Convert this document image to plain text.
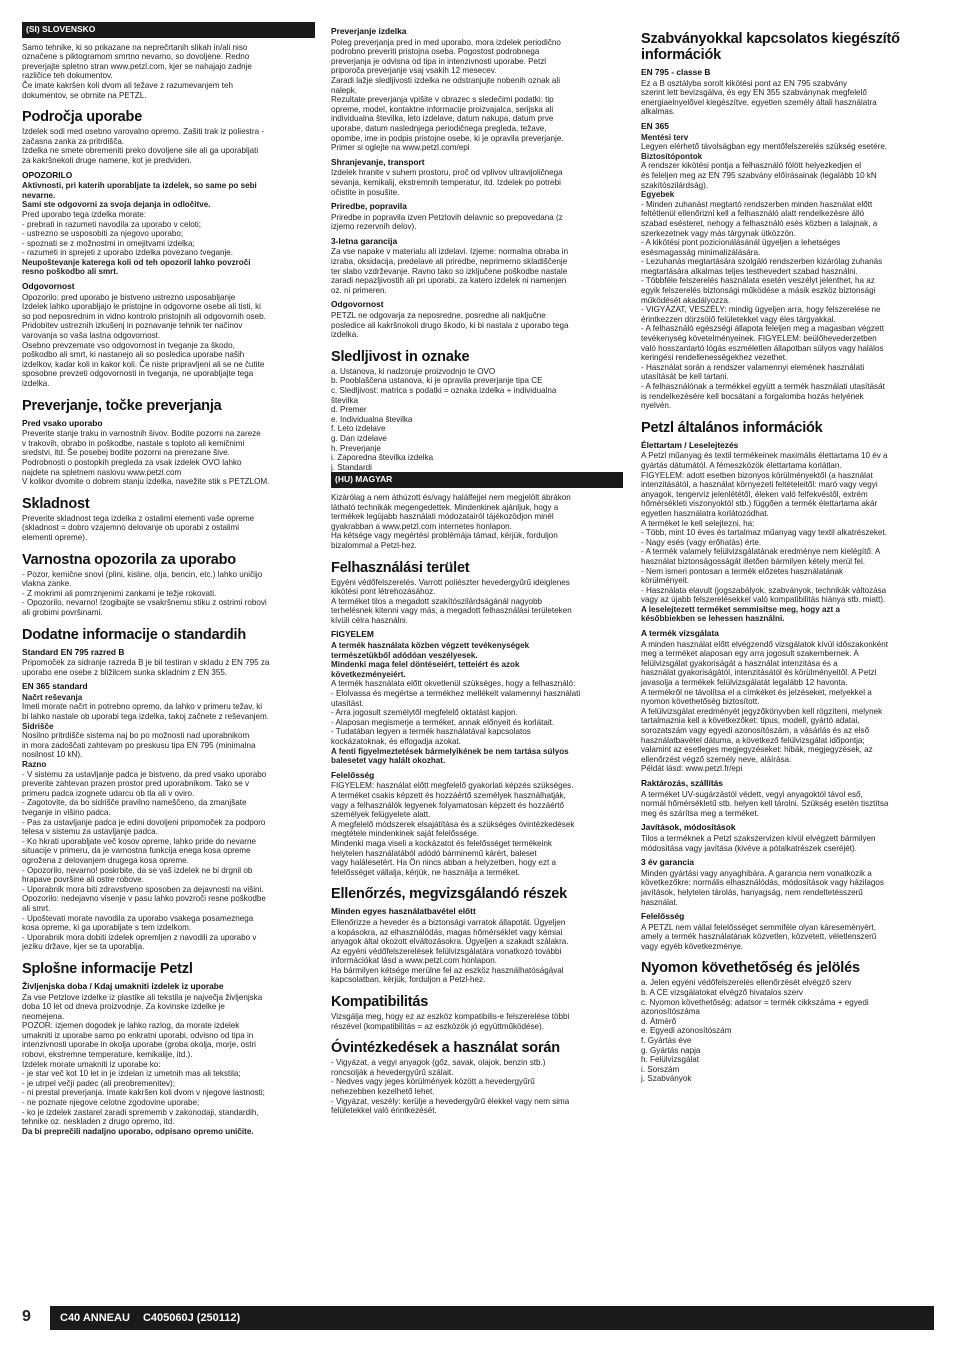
(SI) SLOVENSKO
Samo tehnike, ki so prikazane na neprečrtanih slikah in/ali niso
označene s piktogramom smrtno nevarno, so dovoljene. Redno
preverjajte spletno stran www.petzl.com, kjer se nahajajo zadnje
različice teh dokumentov.
Če imate kakršen koli dvom ali težave z razumevanjem teh
dokumentov, se obrnite na PETZL.
Področja uporabe
Izdelek sodi med osebno varovalno opremo. Zašiti trak iz poliestra -
začasna zanka za pritrdišča.
Izdelka ne smete obremeniti preko dovoljene sile ali ga uporabljati
za kakršnekoli druge namene, kot je predviden.
OPOZORILO
Aktivnosti, pri katerih uporabljate ta izdelek, so same po sebi
nevarne.
Sami ste odgovorni za svoja dejanja in odločitve.
Pred uporabo tega izdelka morate:
- prebrati in razumeti navodila za uporabo v celoti;
- ustrezno se usposobiti za njegovo uporabo;
- spoznati se z možnostmi in omejitvami izdelka;
- razumeti in sprejeti z uporabo izdelka povezano tveganje.
Neupoštevanje katerega koli od teh opozoril lahko povzroči
resno poškodbo ali smrt.
Odgovornost
Opozorilo: pred uporabo je bistveno ustrezno usposabljanje
Izdelek lahko uporabljajo le pristojne in odgovorne osebe ali tisti, ki
so pod neposrednim in vidno kontrolo pristojnih ali odgovornih oseb.
Pridobitev ustreznih izkušenj in poznavanje tehnik ter načinov
varovanja so vaša lastna odgovornost.
Osebno prevzemate vso odgovornost in tveganje za škodo,
poškodbo ali smrt, ki nastanejo ali so posledica uporabe naših
izdelkov, kadar koli in kakor koli. Če niste pripravljeni ali se ne čutite
sposobne prevzeti odgovornosti in tveganja, ne uporabljajte tega
izdelka.
Preverjanje, točke preverjanja
Pred vsako uporabo
Preverite stanje traku in varnostnih šivov. Bodite pozorni na zareze
v trakovih, obrabo in poškodbe, nastale s toploto ali kemičnimi
sredstvi, itd. Še posebej bodite pozorni na prerezane šive.
Podrobnosti o postopkih pregleda za vsak izdelek OVO lahko
najdete na spletnem naslovu www.petzl.com
V kolikor dvomite o dobrem stanju izdelka, navežite stik s PETZLOM.
Skladnost
Preverite skladnost tega izdelka z ostalimi elementi vaše opreme
(skladnost = dobro vzajemno delovanje ob uporabi z ostalimi
elementi opreme).
Varnostna opozorila za uporabo
- Pozor, kemične snovi (plini, kisline, olja, bencin, etc.) lahko uničijo
vlakna zanke.
- Z mokrimi ali pomrznjenimi zankami je težje rokovati.
- Opozorilo, nevarno! Izogibajte se vsakršnemu stiku z ostrimi robovi
ali grobimi površinami.
Dodatne informacije o standardih
Standard EN 795 razred B
Pripomoček za sidranje razreda B je bil testiran v skladu z EN 795 za
uporabo ene osebe z bližilcem sunka skladnim z EN 355.
EN 365 standard
Načrt reševanja
Imeti morate načrt in potrebno opremo, da lahko v primeru težav, ki
bi lahko nastale ob uporabi tega izdelka, takoj začnete z reševanjem.
Sidrišče
Nosilno pritrdišče sistema naj bo po možnosti nad uporabnikom
in mora zadoščati zahtevam po preskusu tipa EN 795 (minimalna
nosilnost 10 kN).
Razno
- V sistemu za ustavljanje padca je bistveno, da pred vsako uporabo
preverite zahtevan prazen prostor pred uporabnikom. Tako se v
primeru padca izognete udarcu ob tla ali v oviro.
- Zagotovite, da bo sidrišče pravilno nameščeno, da zmanjšate
tveganje in višino padca.
- Pas za ustavljanje padca je edini dovoljeni pripomoček za podporo
telesa v sistemu za ustavljanje padca.
- Ko hkrati uporabljate več kosov opreme, lahko pride do nevarne
situacije v primeru, da je varnostna funkcija enega kosa opreme
ogrožena z delovanjem drugega kosa opreme.
- Opozorilo, nevarno! poskrbite, da se vaš izdelek ne bi drgnil ob
hrapave površine ali ostre robove.
- Uporabnik mora biti zdravstveno sposoben za dejavnosti na višini.
Opozorilo: nedejavno visenje v pasu lahko povzroči resne poškodbe
ali smrt.
- Upoštevati morate navodila za uporabo vsakega posameznega
kosa opreme, ki ga uporabljate s tem izdelkom.
- Uporabnik mora dobiti izdelek opremljen z navodili za uporabo v
jeziku države, kjer se ta uporablja.
Splošne informacije Petzl
Življenjska doba / Kdaj umakniti izdelek iz uporabe
Za vse Petzlove izdelke iz plastike ali tekstila je največja življenjska
doba 10 let od dneva proizvodnje. Za kovinske izdelke je
neomejena.
POZOR: izjemen dogodek je lahko razlog, da morate izdelek
umakniti iz uporabe samo po enkratni uporabi, odvisno od tipa in
intenzivnosti uporabe in okolja uporabe (groba okolja, morje, ostri
robovi, ekstremne temperature, kemikalije, itd.).
Izdelek morate umakniti iz uporabe ko:
- je star več kot 10 let in je izdelan iz umetnih mas ali tekstila;
- je utrpel večji padec (ali preobremenitev);
- ni prestal preverjanja. Imate kakršen koli dvom v njegove lastnosti;
- ne poznate njegove celotne zgodovine uporabe;
- ko je izdelek zastarel zaradi sprememb v zakonodaji, standardih,
tehnike oz. neskladen z drugo opremo, itd.
Da bi preprečili nadaljno uporabo, odpisano opremo uničite.
Preverjanje izdelka
Poleg preverjanja pred in med uporabo, mora izdelek periodično
podrobno preveriti pristojna oseba. Pogostost podrobnega
preverjanja je odvisna od tipa in intenzivnosti uporabe. Petzl
priporoča preverjanje vsaj vsakih 12 mesecev.
Zaradi lažje sledljivosti izdelka ne odstranjujte nobenih oznak ali
nalepk.
Rezultate preverjanja vpišite v obrazec s sledečimi podatki: tip
opreme, model, kontaktne informacije proizvajalca, serijska ali
individualna številka, leto izdelave, datum nakupa, datum prve
uporabe, datum naslednjega periodičnega pregleda, težave,
opombe, ime in podpis pristojne osebe, ki je opravila preverjanje.
Primer si oglejte na www.petzl.com/epi
Shranjevanje, transport
Izdelek hranite v suhem prostoru, proč od vplivov ultravijoličnega
sevanja, kemikalij, ekstremnih temperatur, itd. Izdelek po potrebi
očistite in posušite.
Priredbe, popravila
Priredbe in popravila izven Petzlovih delavnic so prepovedana (z
izjemo rezervnih delov).
3-letna garancija
Za vse napake v materialu ali izdelavi. Izjeme: normalna obraba in
izraba, oksidacija, predelave ali priredbe, neprimerno skladiščenje
ter slabo vzdrževanje. Ravno tako so izključene poškodbe nastale
zaradi nepazljivostih ali pri uporabi, za katero izdelek ni namenjen
oz. ni primeren.
Odgovornost
PETZL ne odgovarja za neposredne, posredne ali naključne
posledice ali kakršnokoli drugo škodo, ki bi nastala z uporabo tega
izdelka.
Sledljivost in oznake
a. Ustanova, ki nadzoruje proizvodnjo te OVO
b. Pooblaščena ustanova, ki je opravila preverjanje tipa CE
c. Sledljivost: matrica s podatki = oznaka izdelka + individualna
številka
d. Premer
e. Individualna številka
f. Leto izdelave
g. Dan izdelave
h. Preverjanje
i. Zaporedna številka izdelka
j. Standardi
(HU) MAGYAR
Kizárólag a nem áthúzott és/vagy halálfejjel nem megjelölt ábrákon
látható technikák megengedettek. Mindenkinek ajánljuk, hogy a
termékek legújabb használati módozatairól tájékozódjon minél
gyakrabban a www.petzl.com internetes honlapon.
Ha kétsége vagy megértési problémája támad, kérjük, forduljon
bizalommal a Petzl-hez.
Felhasználási terület
Egyéni védőfelszerelés. Varrott poliészter hevedergyűrű ideiglenes
kikötési pont létrehozásához.
A terméket tilos a megadott szakítószilárdságánál nagyobb
terhelésnek kitenni vagy más, a megadott felhasználási területeken
kívüli célra használni.
FIGYELEM
A termék használata közben végzett tevékenységek
természetükből adódóan veszélyesek.
Mindenki maga felel döntéseiért, tetteiért és azok
következményeiért.
A termék használata előtt okvetlenül szükséges, hogy a felhasználó:
- Elolvassa és megértse a termékhez mellékelt valamennyi használati
utasítást.
- Arra jogosult személytől megfelelő oktatást kapjon.
- Alaposan megismerje a terméket, annak előnyeit és korlátait.
- Tudatában legyen a termék használatával kapcsolatos
kockázatoknak, és elfogadja azokat.
A fenti figyelmeztetések bármelyikének be nem tartása súlyos
balesetet vagy halált okozhat.
Felelősség
FIGYELEM: használat előtt megfelelő gyakorlati képzés szükséges.
A terméket csakis képzett és hozzáértő személyek használhatják,
vagy a felhasználók legyenek folyamatosan képzett és hozzáértő
személyek felügyelete alatt.
A megfelelő módszerek elsajátítása és a szükséges óvintézkedések
megtétele mindenkinek saját felelőssége.
Mindenki maga viseli a kockázatot és felelősséget termékeink
helytelen használatából adódó bárminemű kárért, baleset
vagy halálesetért. Ha Ön nincs abban a helyzetben, hogy ezt a
felelősséget vállalja, kérjük, ne használja a terméket.
Ellenőrzés, megvizsgálandó részek
Minden egyes használatbavétel előtt
Ellenőrizze a heveder és a biztonsági varratok állapotát. Ügyeljen
a kopásokra, az elhasználódás, magas hőmérséklet vagy kémiai
anyagok által okozott elváltozásokra. Ügyeljen a szakadt szálakra.
Az egyéni védőfelszerelések felülvizsgálatára vonatkozó további
információkat lásd a www.petzl.com honlapon.
Ha bármilyen kétsége merülne fel az eszköz használhatóságával
kapcsolatban, kérjük, forduljon a Petzl-hez.
Kompatibilitás
Vizsgálja meg, hogy ez az eszköz kompatibilis-e felszerelése többi
részével (kompatibilitás = az eszközök jó együttműködése).
Óvintézkedések a használat során
- Vigyázat, a vegyi anyagok (gőz, savak, olajok, benzin stb.)
roncsolják a hevedergyűrű szálait.
- Nedves vagy jeges körülmények között a hevedergyűrű
nehezebben kezelhető lehet.
- Vigyázat, veszély: kerülje a hevedergyűrű élekkel vagy nem sima
felületekkel való érintkezését.
Szabványokkal kapcsolatos kiegészítő információk
EN 795 - classe B
Ez a B osztályba sorolt kikötési pont az EN 795 szabvány
szerint lett bevizsgálva, és egy EN 355 szabványnak megfelelő
energiaelnyelővel kiegészítve, egyetlen személy általi használatra
alkalmas.
EN 365
Mentési terv
Legyen elérhető távolságban egy mentőfelszerelés szükség esetére.
Biztosítópontok
A rendszer kikötési pontja a felhasználó fölött helyezkedjen el
és feleljen meg az EN 795 szabvány előírásainak (legalább 10 kN
szakítószilárdság).
Egyebek
- Minden zuhanást megtartó rendszerben minden használat előtt
feltétlenül ellenőrizni kell a felhasználó alatt rendelkezésre álló
szabad esésteret, nehogy a felhasználó esés közben a talajnak, a
szerkezetnek vagy más tárgynak ütközzön.
- A kikötési pont pozicionálásánál ügyeljen a lehetséges
esésmagasság minimalizálására.
- Lezuhanás megtartására szolgáló rendszerben kizárólag zuhanás
megtartására alkalmas teljes testhevedert szabad használni.
- Többféle felszerelés használata esetén veszélyt jelenthet, ha az
egyik felszerelés biztonsági működése a másik eszköz biztonsági
működését akadályozza.
- VIGYÁZAT, VESZÉLY: mindig ügyeljen arra, hogy felszerelése ne
érintkezzen dörzsölő felületekkel vagy éles tárgyakkal.
- A felhasználó egészségi állapota feleljen meg a magasban végzett
tevékenység követelményeinek. FIGYELEM: beülőhevederzetben
való hosszantartó lógás eszméletlen állapotban súlyos vagy halálos
keringési rendellenességekhez vezethet.
- Használat során a rendszer valamennyi elemének használati
utasítását be kell tartani.
- A felhasználónak a termékkel együtt a termék használati utasítását
is rendelkezésére kell bocsátani a forgalomba hozás helyének
nyelvén.
Petzl általános információk
Élettartam / Leselejtezés
A Petzl műanyag és textil termékeinek maximális élettartama 10 év a
gyártás dátumától. A fémeszközök élettartama korlátlan.
FIGYELEM: adott esetben bizonyos körülményektől (a használat
intenzitásától, a használat környezeti feltételeitől: maró vagy vegyi
anyagok, tengervíz jelenlététől, éleken való felfekvéstől, extrém
hőmérsékleti viszonyoktól stb.) függően a termék élettartama akár
egyetlen használatra korlátozódhat.
A terméket le kell selejtezni, ha:
- Több, mint 10 éves és tartalmaz műanyag vagy textil alkatrészeket.
- Nagy esés (vagy erőhatás) érte.
- A termék valamely felülvizsgálatának eredménye nem kielégítő. A
használat biztonságosságát illetően bármilyen kétely merül fel.
- Nem ismeri pontosan a termék előzetes használatának
körülményeit.
- Használata elavult (jogszabályok, szabványok, technikák változása
vagy az újabb felszerelésekkel való kompatibilitás hiánya stb. miatt).
A leselejtezett terméket semmisítse meg, hogy azt a
későbbiekben se lehessen használni.
A termék vizsgálata
A minden használat előtt elvégzendő vizsgálatok kívül időszakonként
meg a terméket alaposan egy arra jogosult szakembernek. A
felülvizsgálat gyakoriságát a használat intenzitása és a
használat gyakoriságától, intenzitásától és körülményeitől. A Petzl
javasolja a termékek felülvizsgálatát legalább 12 havonta.
A termékről ne távolítsa el a címkéket és jelzéseket, melyekkel a
nyomon követhetőség biztosított.
A felülvizsgálat eredményét jegyzőkönyvben kell rögzíteni, melynek
tartalmaznia kell a következőket: típus, modell, gyártó adatai,
sorozatszám vagy egyedi azonosítószám, a vásárlás és az első
használatbavétel dátuma, a következő felülvizsgálat időpontja;
valamint az esetleges megjegyzéseket: hibák, megjegyzések, az
ellenőrzést végző személy neve, aláírása.
Példát lásd: www.petzl.fr/epi
Raktározás, szállítás
A terméket UV-sugárzástól védett, vegyi anyagoktól távol eső,
normál hőmérsékletű stb. helyen kell tárolni. Szükség esetén tisztítsa
meg és szárítsa meg a terméket.
Javítások, módosítások
Tilos a terméknek a Petzl szakszervizen kívül elvégzett bármilyen
módosítása vagy javítása (kivéve a pótalkatrészek cseréjét).
3 év garancia
Minden gyártási vagy anyaghibára. A garancia nem vonatkozik a
következőkre: normális elhasználódás, módosítások vagy házilagos
javítások, helytelen tárolás, hanyagság, nem rendeltetésszerű
használat.
Felelősség
A PETZL nem vállal felelősséget semmiféle olyan káreseményért,
amely a termék használatának közvetlen, közvetett, véletlenszerű
vagy egyéb következménye.
Nyomon követhetőség és jelölés
a. Jelen egyéni védőfelszerelés ellenőrzését elvégző szerv
b. A CE vizsgálatokat elvégző hivatalos szerv
c. Nyomon követhetőség: adatsor = termék cikkszáma + egyedi
azonosítószáma
d. Átmérő
e. Egyedi azonosítószám
f. Gyártás éve
g. Gyártás napja
h. Felülvizsgálat
i. Sorszám
j. Szabványok
9	C40 ANNEAU C405060J (250112)
